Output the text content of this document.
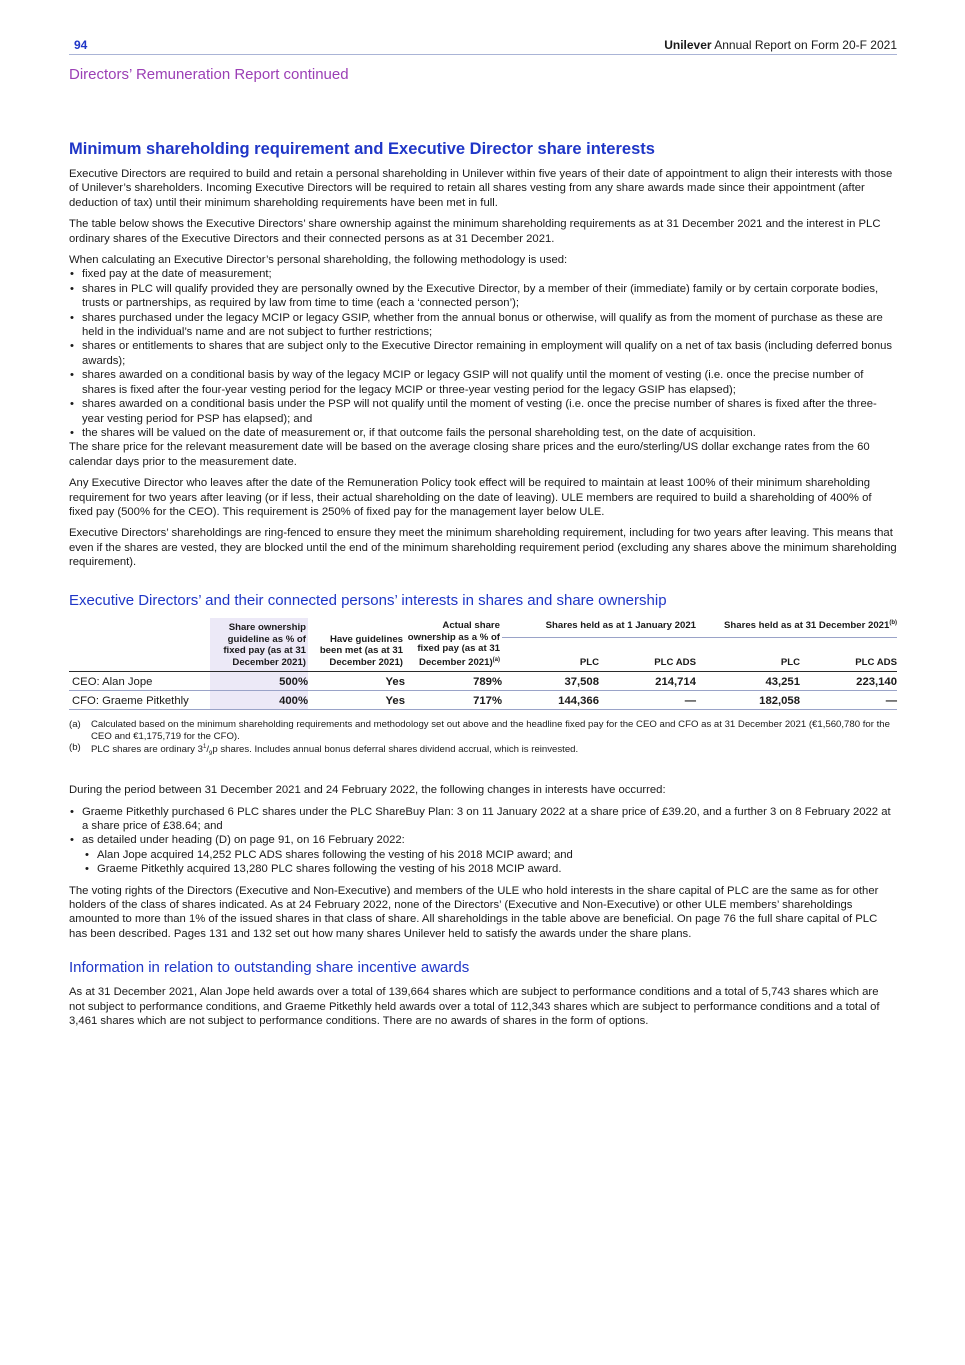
94	Unilever Annual Report on Form 20-F 2021
Directors’ Remuneration Report continued
Minimum shareholding requirement and Executive Director share interests

Executive Directors are required to build and retain a personal shareholding in Unilever within five years of their date of appointment to align their interests with those of Unilever’s shareholders. Incoming Executive Directors will be required to retain all shares vesting from any share awards made since their appointment (after deduction of tax) until their minimum shareholding requirements have been met in full.

The table below shows the Executive Directors’ share ownership against the minimum shareholding requirements as at 31 December 2021 and the interest in PLC ordinary shares of the Executive Directors and their connected persons as at 31 December 2021.

When calculating an Executive Director’s personal shareholding, the following methodology is used:

• fixed pay at the date of measurement;
• shares in PLC will qualify provided they are personally owned by the Executive Director, by a member of their (immediate) family or by certain corporate bodies, trusts or partnerships, as required by law from time to time (each a ‘connected person’);
• shares purchased under the legacy MCIP or legacy GSIP, whether from the annual bonus or otherwise, will qualify as from the moment of purchase as these are held in the individual’s name and are not subject to further restrictions;
• shares or entitlements to shares that are subject only to the Executive Director remaining in employment will qualify on a net of tax basis (including deferred bonus awards);
• shares awarded on a conditional basis by way of the legacy MCIP or legacy GSIP will not qualify until the moment of vesting (i.e. once the precise number of shares is fixed after the four-year vesting period for the legacy MCIP or three-year vesting period for the legacy GSIP has elapsed);
• shares awarded on a conditional basis under the PSP will not qualify until the moment of vesting (i.e. once the precise number of shares is fixed after the three-year vesting period for PSP has elapsed); and
• the shares will be valued on the date of measurement or, if that outcome fails the personal shareholding test, on the date of acquisition.

The share price for the relevant measurement date will be based on the average closing share prices and the euro/sterling/US dollar exchange rates from the 60 calendar days prior to the measurement date.

Any Executive Director who leaves after the date of the Remuneration Policy took effect will be required to maintain at least 100% of their minimum shareholding requirement for two years after leaving (or if less, their actual shareholding on the date of leaving). ULE members are required to build a shareholding of 400% of fixed pay (500% for the CEO). This requirement is 250% of fixed pay for the management layer below ULE.

Executive Directors’ shareholdings are ring-fenced to ensure they meet the minimum shareholding requirement, including for two years after leaving. This means that even if the shares are vested, they are blocked until the end of the minimum shareholding requirement period (excluding any shares above the minimum shareholding requirement).

Executive Directors’ and their connected persons’ interests in shares and share ownership
	Share ownership guideline as % of fixed pay (as at 31 December 2021)	Have guidelines been met (as at 31 December 2021)	Actual share ownership as a % of fixed pay (as at 31 December 2021)$^{(a)}$	Shares held as at 1 January 2021		Shares held as at 31 December 2021$^{(b)}$
				PLC	PLC ADS	PLC	PLC ADS
CEO: Alan Jope	500%	Yes	789%	37,508	214,714	43,251	223,140
CFO: Graeme Pitkethly	400%	Yes	717%	144,366	—	182,058	—
(a) Calculated based on the minimum shareholding requirements and methodology set out above and the headline fixed pay for the CEO and CFO as at 31 December 2021 (€1,560,780 for the CEO and €1,175,719 for the CFO).
(b) PLC shares are ordinary $3^1/_9p$ shares. Includes annual bonus deferral shares dividend accrual, which is reinvested.

During the period between 31 December 2021 and 24 February 2022, the following changes in interests have occurred:

• Graeme Pitkethly purchased 6 PLC shares under the PLC ShareBuy Plan: 3 on 11 January 2022 at a share price of £39.20, and a further 3 on 8 February 2022 at a share price of £38.64; and
• as detailed under heading (D) on page 91, on 16 February 2022:
• Alan Jope acquired 14,252 PLC ADS shares following the vesting of his 2018 MCIP award; and
• Graeme Pitkethly acquired 13,280 PLC shares following the vesting of his 2018 MCIP award.

The voting rights of the Directors (Executive and Non-Executive) and members of the ULE who hold interests in the share capital of PLC are the same as for other holders of the class of shares indicated. As at 24 February 2022, none of the Directors’ (Executive and Non-Executive) or other ULE members’ shareholdings amounted to more than 1% of the issued shares in that class of share. All shareholdings in the table above are beneficial. On page 76 the full share capital of PLC has been described. Pages 131 and 132 set out how many shares Unilever held to satisfy the awards under the share plans.

Information in relation to outstanding share incentive awards

As at 31 December 2021, Alan Jope held awards over a total of 139,664 shares which are subject to performance conditions and a total of 5,743 shares which are not subject to performance conditions, and Graeme Pitkethly held awards over a total of 112,343 shares which are subject to performance conditions and a total of 3,461 shares which are not subject to performance conditions. There are no awards of shares in the form of options.
